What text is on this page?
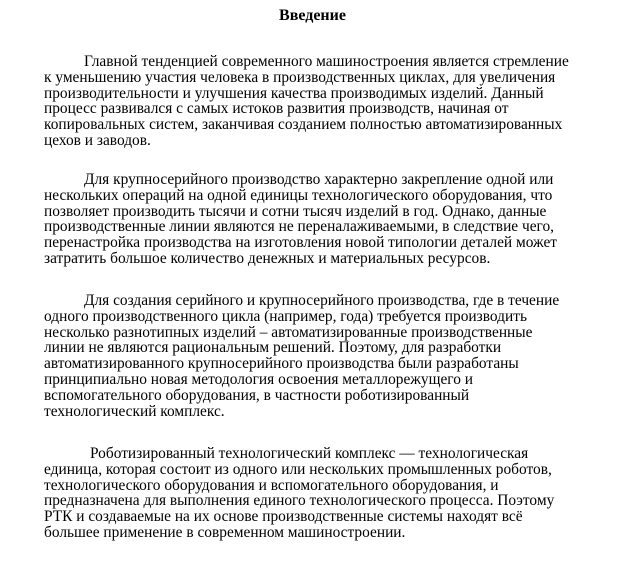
Введение

Главной тенденцией современного машиностроения является стремление
к уменьшению участия человека в производственных циклах, для увеличения
производительности и улучшения качества производимых изделий. Данный
процесс развивался с самых истоков развития производств, начиная от
копировальных систем, заканчивая созданием полностью автоматизированных
цехов и заводов.

Для крупносерийного производство характерно закрепление одной или
нескольких операций на одной единицы технологического оборудования, что
позволяет производить тысячи и сотни тысяч изделий в год. Однако, данные
производственные линии являются не переналаживаемыми, в следствие чего,
перенастройка производства на изготовления новой типологии деталей может
затратить большое количество денежных и материальных ресурсов.

Для создания серийного и крупносерийного производства, где в течение
одного производственного цикла (например, года) требуется производить
несколько разнотипных изделий – автоматизированные производственные
линии не являются рациональным решений. Поэтому, для разработки
автоматизированного крупносерийного производства были разработаны
принципиально новая методология освоения металлорежущего и
вспомогательного оборудования, в частности роботизированный
технологический комплекс.

Роботизированный технологический комплекс — технологическая
единица, которая состоит из одного или нескольких промышленных роботов,
технологического оборудования и вспомогательного оборудования, и
предназначена для выполнения единого технологического процесса. Поэтому
РТК и создаваемые на их основе производственные системы находят всё
большее применение в современном машиностроении.
